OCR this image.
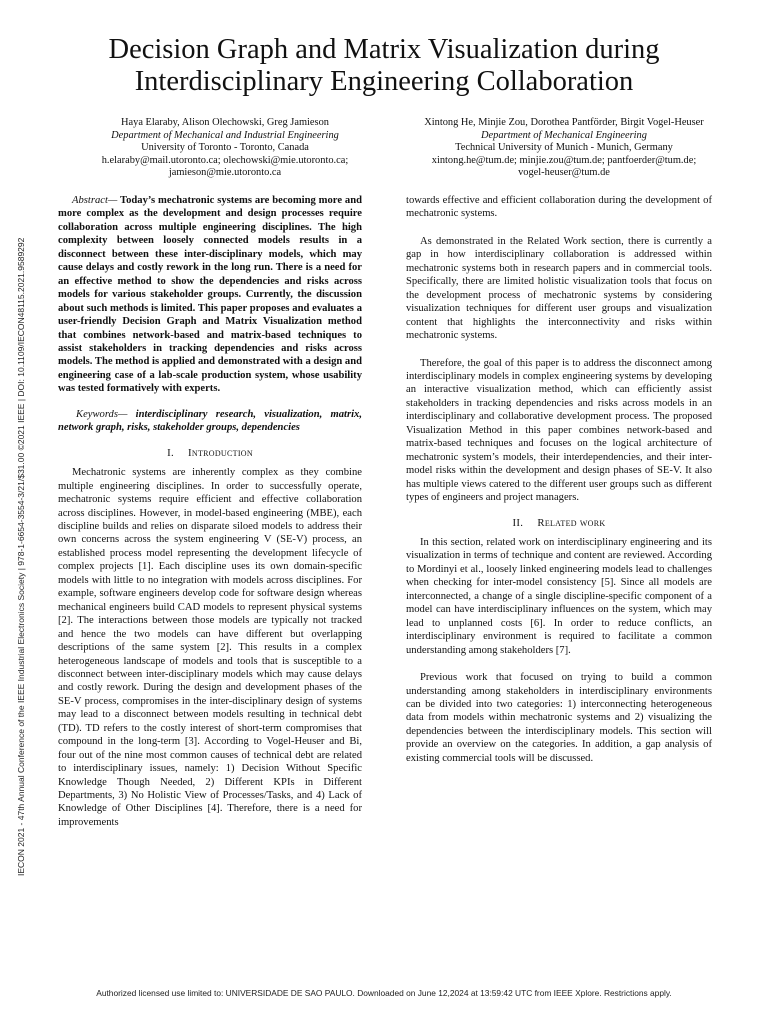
Decision Graph and Matrix Visualization during
Interdisciplinary Engineering Collaboration
Haya Elaraby, Alison Olechowski, Greg Jamieson
Department of Mechanical and Industrial Engineering
University of Toronto - Toronto, Canada
h.elaraby@mail.utoronto.ca; olechowski@mie.utoronto.ca;
jamieson@mie.utoronto.ca
Xintong He, Minjie Zou, Dorothea Pantförder, Birgit Vogel-Heuser
Department of Mechanical Engineering
Technical University of Munich - Munich, Germany
xintong.he@tum.de; minjie.zou@tum.de; pantfoerder@tum.de;
vogel-heuser@tum.de
IECON 2021 - 47th Annual Conference of the IEEE Industrial Electronics Society | 978-1-6654-3554-3/21/$31.00 ©2021 IEEE | DOI: 10.1109/IECON48115.2021.9589292

Abstract— Today’s mechatronic systems are becoming more and more complex as the development and design processes require collaboration across multiple engineering disciplines. The high complexity between loosely connected models results in a disconnect between these inter-disciplinary models, which may cause delays and costly rework in the long run. There is a need for an effective method to show the dependencies and risks across models for various stakeholder groups. Currently, the discussion about such methods is limited. This paper proposes and evaluates a user-friendly Decision Graph and Matrix Visualization method that combines network-based and matrix-based techniques to assist stakeholders in tracking dependencies and risks across models. The method is applied and demonstrated with a design and engineering case of a lab-scale production system, whose usability was tested formatively with experts.

Keywords— interdisciplinary research, visualization, matrix, network graph, risks, stakeholder groups, dependencies

I. Introduction

Mechatronic systems are inherently complex as they combine multiple engineering disciplines. In order to successfully operate, mechatronic systems require efficient and effective collaboration across disciplines. However, in model-based engineering (MBE), each discipline builds and relies on disparate siloed models to address their own concerns across the system engineering V (SE-V) process, an established process model representing the development lifecycle of complex projects [1]. Each discipline uses its own domain-specific models with little to no integration with models across disciplines. For example, software engineers develop code for software design whereas mechanical engineers build CAD models to represent physical systems [2]. The interactions between those models are typically not tracked and hence the two models can have different but overlapping descriptions of the same system [2]. This results in a complex heterogeneous landscape of models and tools that is susceptible to a disconnect between inter-disciplinary models which may cause delays and costly rework. During the design and development phases of the SE-V process, compromises in the inter-disciplinary design of systems may lead to a disconnect between models resulting in technical debt (TD). TD refers to the costly interest of short-term compromises that compound in the long-term [3]. According to Vogel-Heuser and Bi, four out of the nine most common causes of technical debt are related to interdisciplinary issues, namely: 1) Decision Without Specific Knowledge Though Needed, 2) Different KPIs in Different Departments, 3) No Holistic View of Processes/Tasks, and 4) Lack of Knowledge of Other Disciplines [4]. Therefore, there is a need for improvements

towards effective and efficient collaboration during the development of mechatronic systems.

As demonstrated in the Related Work section, there is currently a gap in how interdisciplinary collaboration is addressed within mechatronic systems both in research papers and in commercial tools. Specifically, there are limited holistic visualization tools that focus on the development process of mechatronic systems by considering visualization techniques for different user groups and visualization content that highlights the interconnectivity and risks within mechatronic systems.

Therefore, the goal of this paper is to address the disconnect among interdisciplinary models in complex engineering systems by developing an interactive visualization method, which can efficiently assist stakeholders in tracking dependencies and risks across models in an interdisciplinary and collaborative development process. The proposed Visualization Method in this paper combines network-based and matrix-based techniques and focuses on the logical architecture of mechatronic system’s models, their interdependencies, and their inter-model risks within the development and design phases of SE-V. It also has multiple views catered to the different user groups such as different types of engineers and project managers.

II. Related work

In this section, related work on interdisciplinary engineering and its visualization in terms of technique and content are reviewed. According to Mordinyi et al., loosely linked engineering models lead to challenges when checking for inter-model consistency [5]. Since all models are interconnected, a change of a single discipline-specific component of a model can have interdisciplinary influences on the system, which may lead to unplanned costs [6]. In order to reduce conflicts, an interdisciplinary environment is required to facilitate a common understanding among stakeholders [7].

Previous work that focused on trying to build a common understanding among stakeholders in interdisciplinary environments can be divided into two categories: 1) interconnecting heterogeneous data from models within mechatronic systems and 2) visualizing the dependencies between the interdisciplinary models. This section will provide an overview on the categories. In addition, a gap analysis of existing commercial tools will be discussed.

Authorized licensed use limited to: UNIVERSIDADE DE SAO PAULO. Downloaded on June 12,2024 at 13:59:42 UTC from IEEE Xplore. Restrictions apply.
